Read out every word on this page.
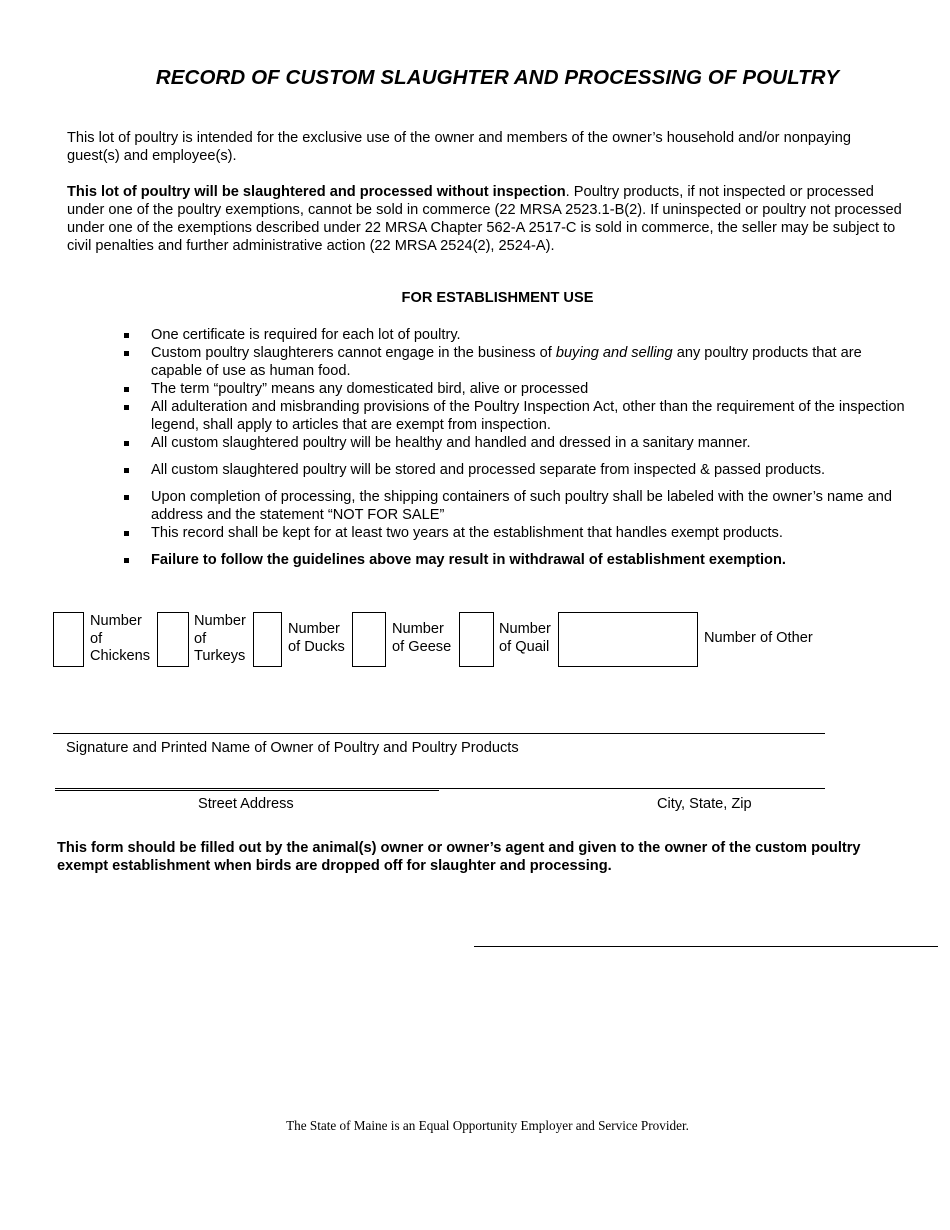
RECORD OF CUSTOM SLAUGHTER AND PROCESSING OF POULTRY
This lot of poultry is intended for the exclusive use of the owner and members of the owner’s household and/or nonpaying guest(s) and employee(s).
This lot of poultry will be slaughtered and processed without inspection. Poultry products, if not inspected or processed under one of the poultry exemptions, cannot be sold in commerce (22 MRSA 2523.1-B(2). If uninspected or poultry not processed under one of the exemptions described under 22 MRSA Chapter 562-A 2517-C is sold in commerce, the seller may be subject to civil penalties and further administrative action (22 MRSA 2524(2), 2524-A).
FOR ESTABLISHMENT USE
One certificate is required for each lot of poultry.
Custom poultry slaughterers cannot engage in the business of buying and selling any poultry products that are capable of use as human food.
The term “poultry” means any domesticated bird, alive or processed
All adulteration and misbranding provisions of the Poultry Inspection Act, other than the requirement of the inspection legend, shall apply to articles that are exempt from inspection.
All custom slaughtered poultry will be healthy and handled and dressed in a sanitary manner.
All custom slaughtered poultry will be stored and processed separate from inspected & passed products.
Upon completion of processing, the shipping containers of such poultry shall be labeled with the owner’s name and address and the statement “NOT FOR SALE”
This record shall be kept for at least two years at the establishment that handles exempt products.
Failure to follow the guidelines above may result in withdrawal of establishment exemption.
Number of Chickens
Number of Turkeys
Number of Ducks
Number of Geese
Number of Quail
Number of Other
Signature and Printed Name of Owner of Poultry and Poultry Products
Street Address	City, State, Zip
This form should be filled out by the animal(s) owner or owner’s agent and given to the owner of the custom poultry exempt establishment when birds are dropped off for slaughter and processing.
The State of Maine is an Equal Opportunity Employer and Service Provider.
